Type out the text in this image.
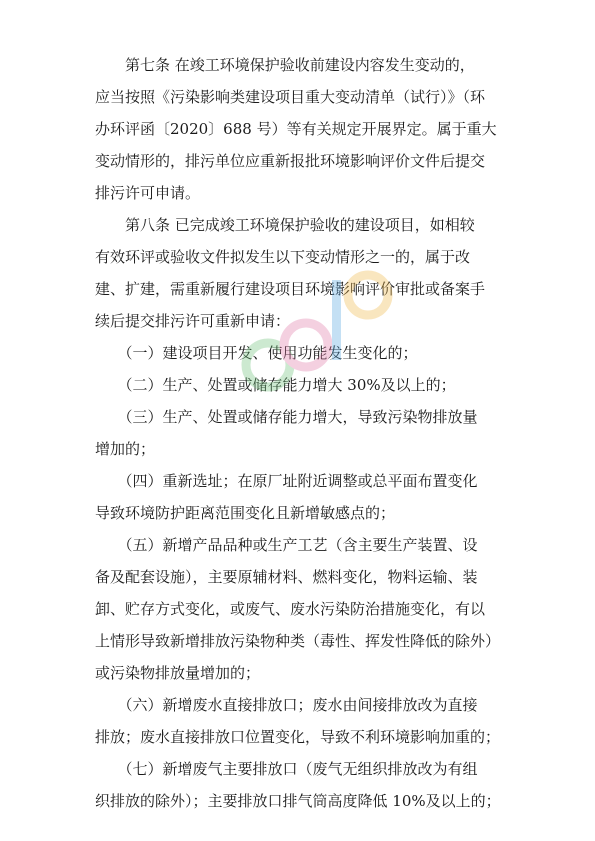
　　第七条 在竣工环境保护验收前建设内容发生变动的，
应当按照《污染影响类建设项目重大变动清单（试行）》（环
办环评函〔2020〕688 号）等有关规定开展界定。属于重大
变动情形的，排污单位应重新报批环境影响评价文件后提交
排污许可申请。
　　第八条 已完成竣工环境保护验收的建设项目，如相较
有效环评或验收文件拟发生以下变动情形之一的，属于改
建、扩建，需重新履行建设项目环境影响评价审批或备案手
续后提交排污许可重新申请：
　　（一）建设项目开发、使用功能发生变化的；
　　（二）生产、处置或储存能力增大 30%及以上的；
　　（三）生产、处置或储存能力增大，导致污染物排放量
增加的；
　　（四）重新选址；在原厂址附近调整或总平面布置变化
导致环境防护距离范围变化且新增敏感点的；
　　（五）新增产品品种或生产工艺（含主要生产装置、设
备及配套设施），主要原辅材料、燃料变化，物料运输、装
卸、贮存方式变化，或废气、废水污染防治措施变化，有以
上情形导致新增排放污染物种类（毒性、挥发性降低的除外）
或污染物排放量增加的；
　　（六）新增废水直接排放口；废水由间接排放改为直接
排放；废水直接排放口位置变化，导致不利环境影响加重的；
　　（七）新增废气主要排放口（废气无组织排放改为有组
织排放的除外）；主要排放口排气筒高度降低 10%及以上的；
